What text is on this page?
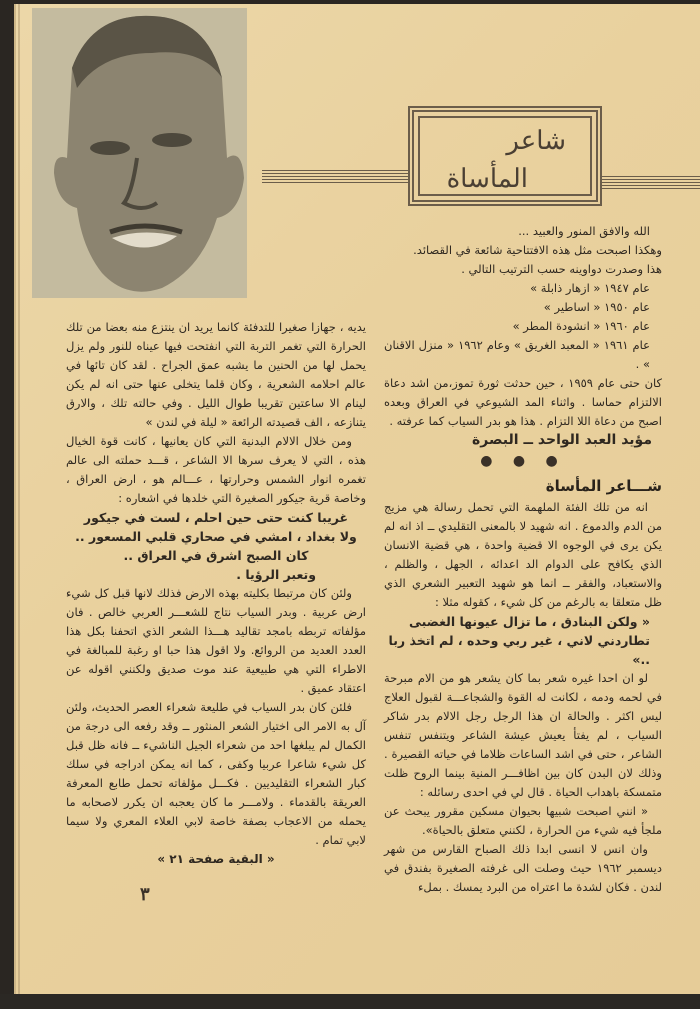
شاعر
المأساة

الله والافق المنور والعبيد ...

وهكذا اصبحت مثل هذه الافتتاحية شائعة في القصائد.

هذا وصدرت دواوينه حسب الترتيب التالي .

عام ١٩٤٧ « ازهار ذابلة »

عام ١٩٥٠ « اساطير »

عام ١٩٦٠ « انشودة المطر »

عام ١٩٦١ « المعبد الغريق » وعام ١٩٦٢ « منزل الاقنان » .

كان حتى عام ١٩٥٩ ، حين حدثت ثورة تموز،من اشد دعاة الالتزام حماسا . واثناء المد الشيوعي في العراق وبعده اصبح من دعاة اللا التزام . هذا هو بدر السياب كما عرفته .

مؤيد العبد الواحد ــ البصرة

● ● ●
شـــاعر المأساة

انه من تلك الفئة الملهمة التي تحمل رسالة هي مزيج من الدم والدموع . انه شهيد لا بالمعنى التقليدي ــ اذ انه لم يكن يرى في الوجوه الا قضية واحدة ، هي قضية الانسان الذي يكافح على الدوام الد اعدائه ، الجهل ، والظلم ، والاستعباد، والفقر ــ انما هو شهيد التعبير الشعري الذي ظل متعلقا به بالرغم من كل شيء ، كقوله مثلا :

« ولكن البنادق ، ما تزال عيونها الغضبى

تطاردني لاني ، غير ربي وحده ، لم اتخذ ربا ..»

لو ان احدا غيره شعر بما كان يشعر هو من الام مبرحة في لحمه ودمه ، لكانت له القوة والشجاعـــة لقبول العلاج ليس اكثر . والحالة ان هذا الرجل رجل الالام بدر شاكر السياب ، لم يفتأ يعيش عيشة الشاعر ويتنفس تنفس الشاعر ، حتى في اشد الساعات ظلاما في حياته القصيرة . وذلك لان البدن كان بين اظافـــر المنية بينما الروح ظلت متمسكة باهداب الحياة . قال لي في احدى رسائله :

« انني اصبحت شبيها بحيوان مسكين مقرور يبحث عن ملجأ فيه شيء من الحرارة ، لكنني متعلق بالحياة».

وان انس لا انسى ابدا ذلك الصباح القارس من شهر ديسمبر ١٩٦٢ حيث وصلت الى غرفته الصغيرة بفندق في لندن . فكان لشدة ما اعتراه من البرد يمسك . بملء

يديه ، جهازا صغيرا للتدفئة كانما يريد ان ينتزع منه بعضا من تلك الحرارة التي تغمر التربة التي انفتحت فيها عيناه للنور ولم يزل يحمل لها من الحنين ما يشبه عمق الجراح . لقد كان تائها في عالم احلامه الشعرية ، وكان قلما يتخلى عنها حتى انه لم يكن لينام الا ساعتين تقريبا طوال الليل . وفي حالته تلك ، والارق يتنازعه ، الف قصيدته الرائعة « ليلة في لندن »

ومن خلال الالام البدنية التي كان يعانيها ، كانت قوة الخيال هذه ، التي لا يعرف سرها الا الشاعر ، قـــد حملته الى عالم تغمره انوار الشمس وحرارتها ، عـــالم هو ، ارض العراق ، وخاصة قرية جيكور الصغيرة التي خلدها في اشعاره :

غريبا كنت حتى حين احلم ، لست في جيكور

ولا بغداد ، امشي في صحاري قلبي المسعور ..

كان الصبح اشرق في العراق ..

وتعبر الرؤيا .

ولئن كان مرتبطا بكليته بهذه الارض فذلك لانها قبل كل شيء ارض عربية . وبدر السياب نتاج للشعـــر العربي خالص . فان مؤلفاته تربطه بامجد تقاليد هـــذا الشعر الذي اتحفنا بكل هذا العدد العديد من الروائع. ولا اقول هذا حبا او رغبة للمبالغة في الاطراء التي هي طبيعية عند موت صديق ولكنني اقوله عن اعتقاد عميق .

فلئن كان بدر السياب في طليعة شعراء العصر الحديث، ولئن آل به الامر الى اختيار الشعر المنثور ــ وقد رفعه الى درجة من الكمال لم يبلغها احد من شعراء الجيل الناشيء ــ فانه ظل قبل كل شيء شاعرا عربيا وكفى ، كما انه يمكن ادراجه في سلك كبار الشعراء التقليديين . فكـــل مؤلفاته تحمل طابع المعرفة العريقة بالقدماء . ولامـــر ما كان يعجبه ان يكرر لاصحابه ما يحمله من الاعجاب بصفة خاصة لابي العلاء المعري ولا سيما لابي تمام .

« البقية صفحة ٢١ »

٣
